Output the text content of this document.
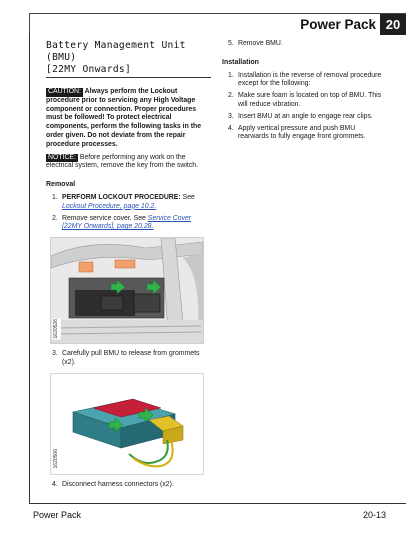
Power Pack 20
Battery Management Unit (BMU)
[22MY Onwards]
CAUTION: Always perform the Lockout procedure prior to servicing any High Voltage component or connection. Proper procedures must be followed! To protect electrical components, perform the following tasks in the order given. Do not deviate from the repair procedure processes.
NOTICE: Before performing any work on the electrical system, remove the key from the switch.
Removal
1. PERFORM LOCKOUT PROCEDURE: See Lockout Procedure, page 10.2.
2. Remove service cover. See Service Cover [22MY Onwards], page 20.28.
1620526
3. Carefully pull BMU to release from grommets (x2).
1620506
4. Disconnect harness connectors (x2).
5. Remove BMU.
Installation
1. Installation is the reverse of removal procedure except for the following:
2. Make sure foam is located on top of BMU. This will reduce vibration.
3. Insert BMU at an angle to engage rear clips.
4. Apply vertical pressure and push BMU rearwards to fully engage front grommets.
Power Pack	20-13
